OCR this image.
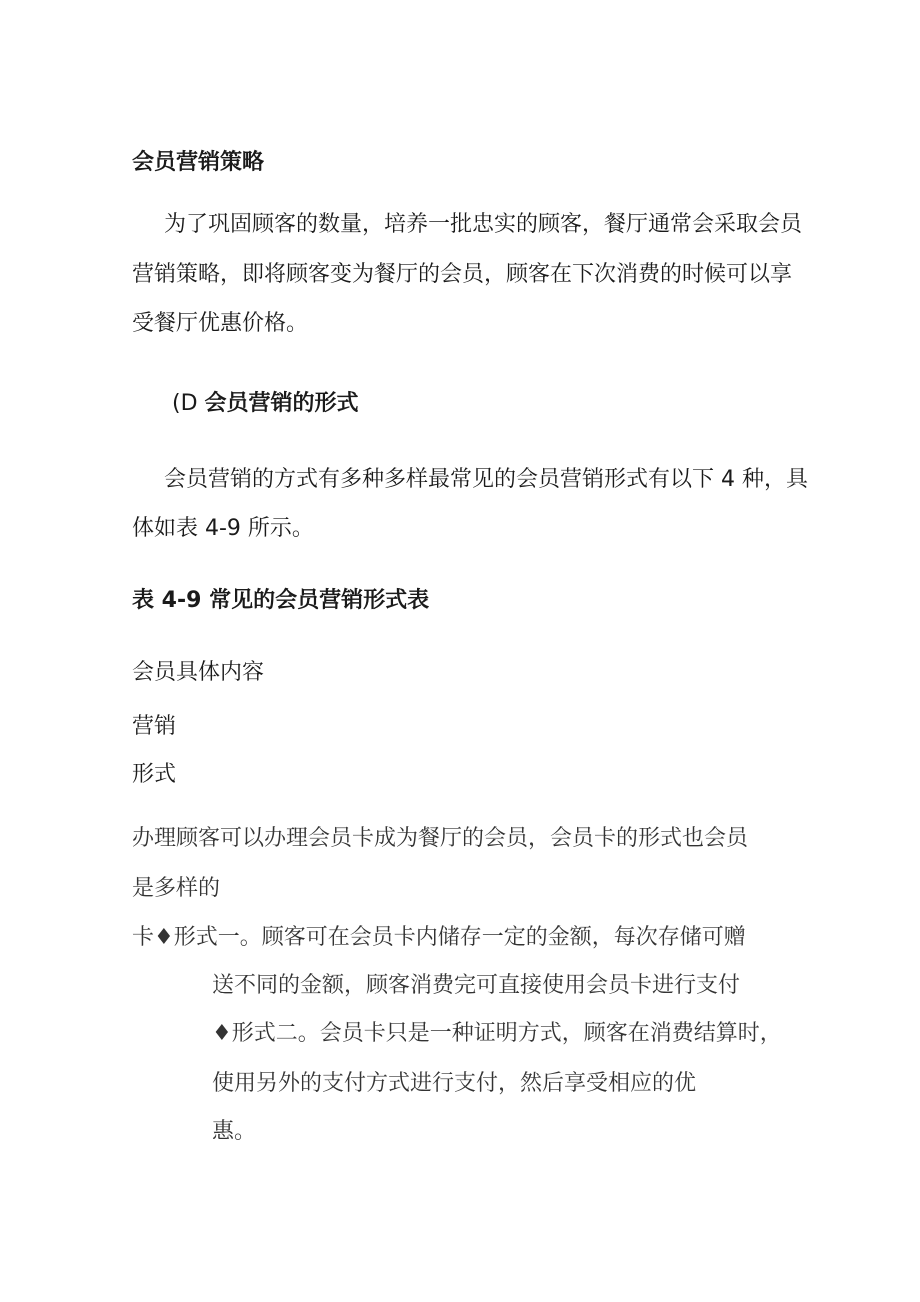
会员营销策略
为了巩固顾客的数量，培养一批忠实的顾客，餐厅通常会采取会员
营销策略，即将顾客变为餐厅的会员，顾客在下次消费的时候可以享
受餐厅优惠价格。
(D 会员营销的形式
会员营销的方式有多种多样最常见的会员营销形式有以下 4 种，具
体如表 4-9 所示。
表 4-9 常见的会员营销形式表
会员具体内容
营销
形式
办理顾客可以办理会员卡成为餐厅的会员，会员卡的形式也会员
是多样的
卡♦形式一。顾客可在会员卡内储存一定的金额，每次存储可赠
送不同的金额，顾客消费完可直接使用会员卡进行支付
♦形式二。会员卡只是一种证明方式，顾客在消费结算时，
使用另外的支付方式进行支付，然后享受相应的优
惠。
